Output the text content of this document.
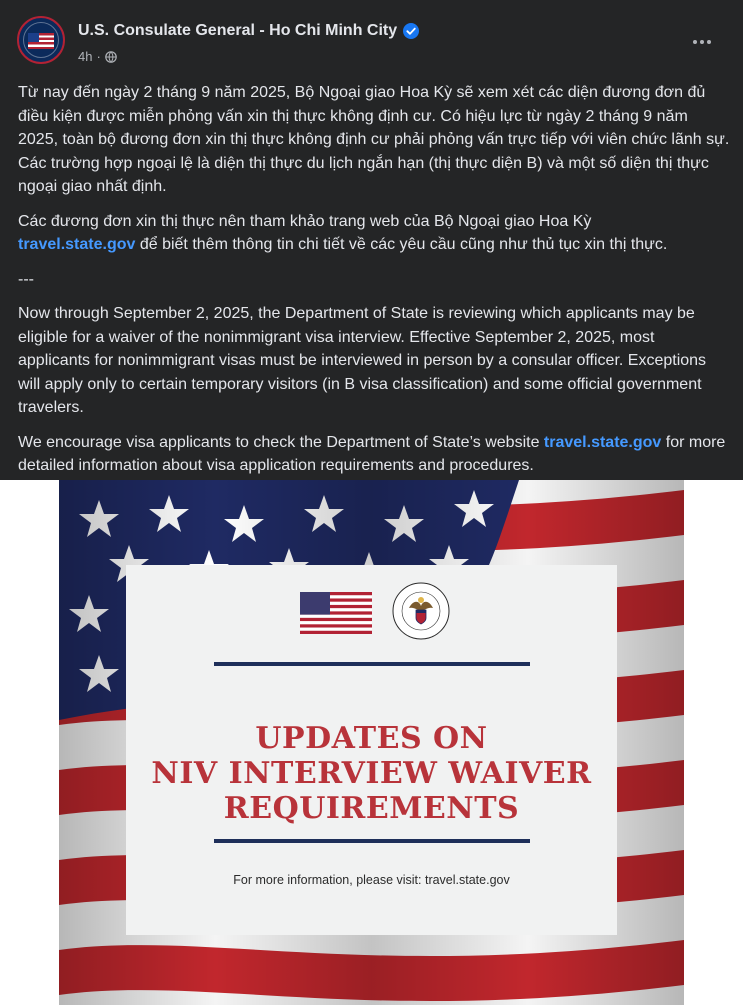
U.S. Consulate General - Ho Chi Minh City
4h ·

Từ nay đến ngày 2 tháng 9 năm 2025, Bộ Ngoại giao Hoa Kỳ sẽ xem xét các diện đương đơn đủ điều kiện được miễn phỏng vấn xin thị thực không định cư. Có hiệu lực từ ngày 2 tháng 9 năm 2025, toàn bộ đương đơn xin thị thực không định cư phải phỏng vấn trực tiếp với viên chức lãnh sự. Các trường hợp ngoại lệ là diện thị thực du lịch ngắn hạn (thị thực diện B) và một số diện thị thực ngoại giao nhất định.

Các đương đơn xin thị thực nên tham khảo trang web của Bộ Ngoại giao Hoa Kỳ
travel.state.gov để biết thêm thông tin chi tiết về các yêu cầu cũng như thủ tục xin thị thực.

---

Now through September 2, 2025, the Department of State is reviewing which applicants may be eligible for a waiver of the nonimmigrant visa interview. Effective September 2, 2025, most applicants for nonimmigrant visas must be interviewed in person by a consular officer. Exceptions will apply only to certain temporary visitors (in B visa classification) and some official government travelers.

We encourage visa applicants to check the Department of State’s website travel.state.gov for more detailed information about visa application requirements and procedures.

UPDATES ON
NIV INTERVIEW WAIVER
REQUIREMENTS
For more information, please visit: travel.state.gov
